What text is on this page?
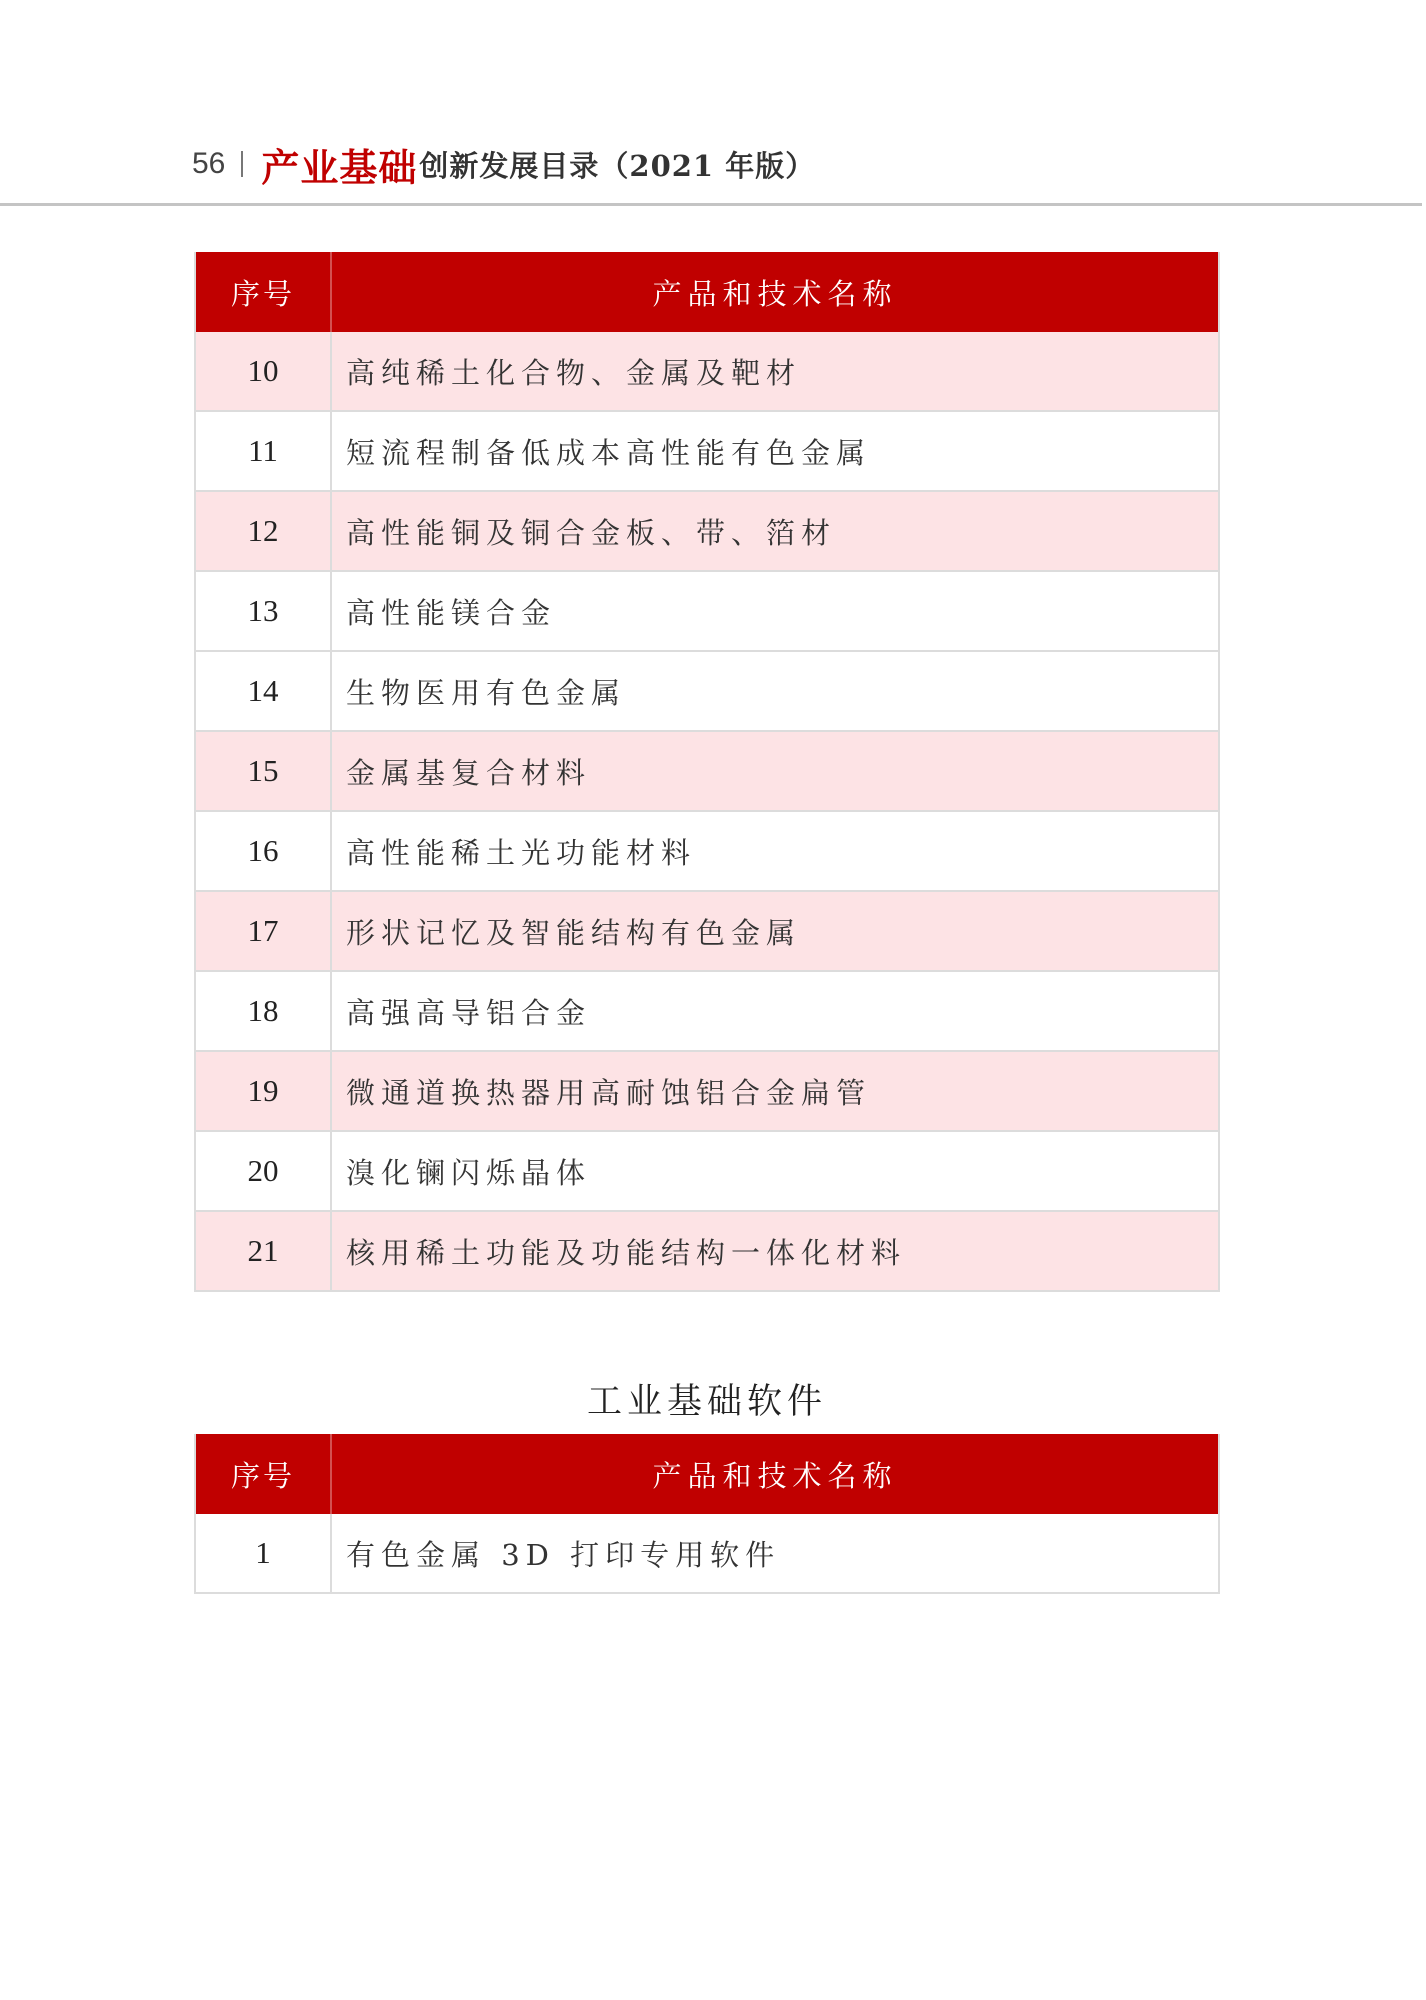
56 产业基础 创新发展目录（2021 年版）
序号	产品和技术名称
10	高纯稀土化合物、金属及靶材
11	短流程制备低成本高性能有色金属
12	高性能铜及铜合金板、带、箔材
13	高性能镁合金
14	生物医用有色金属
15	金属基复合材料
16	高性能稀土光功能材料
17	形状记忆及智能结构有色金属
18	高强高导铝合金
19	微通道换热器用高耐蚀铝合金扁管
20	溴化镧闪烁晶体
21	核用稀土功能及功能结构一体化材料
工业基础软件
序号	产品和技术名称
1	有色金属 3D 打印专用软件
